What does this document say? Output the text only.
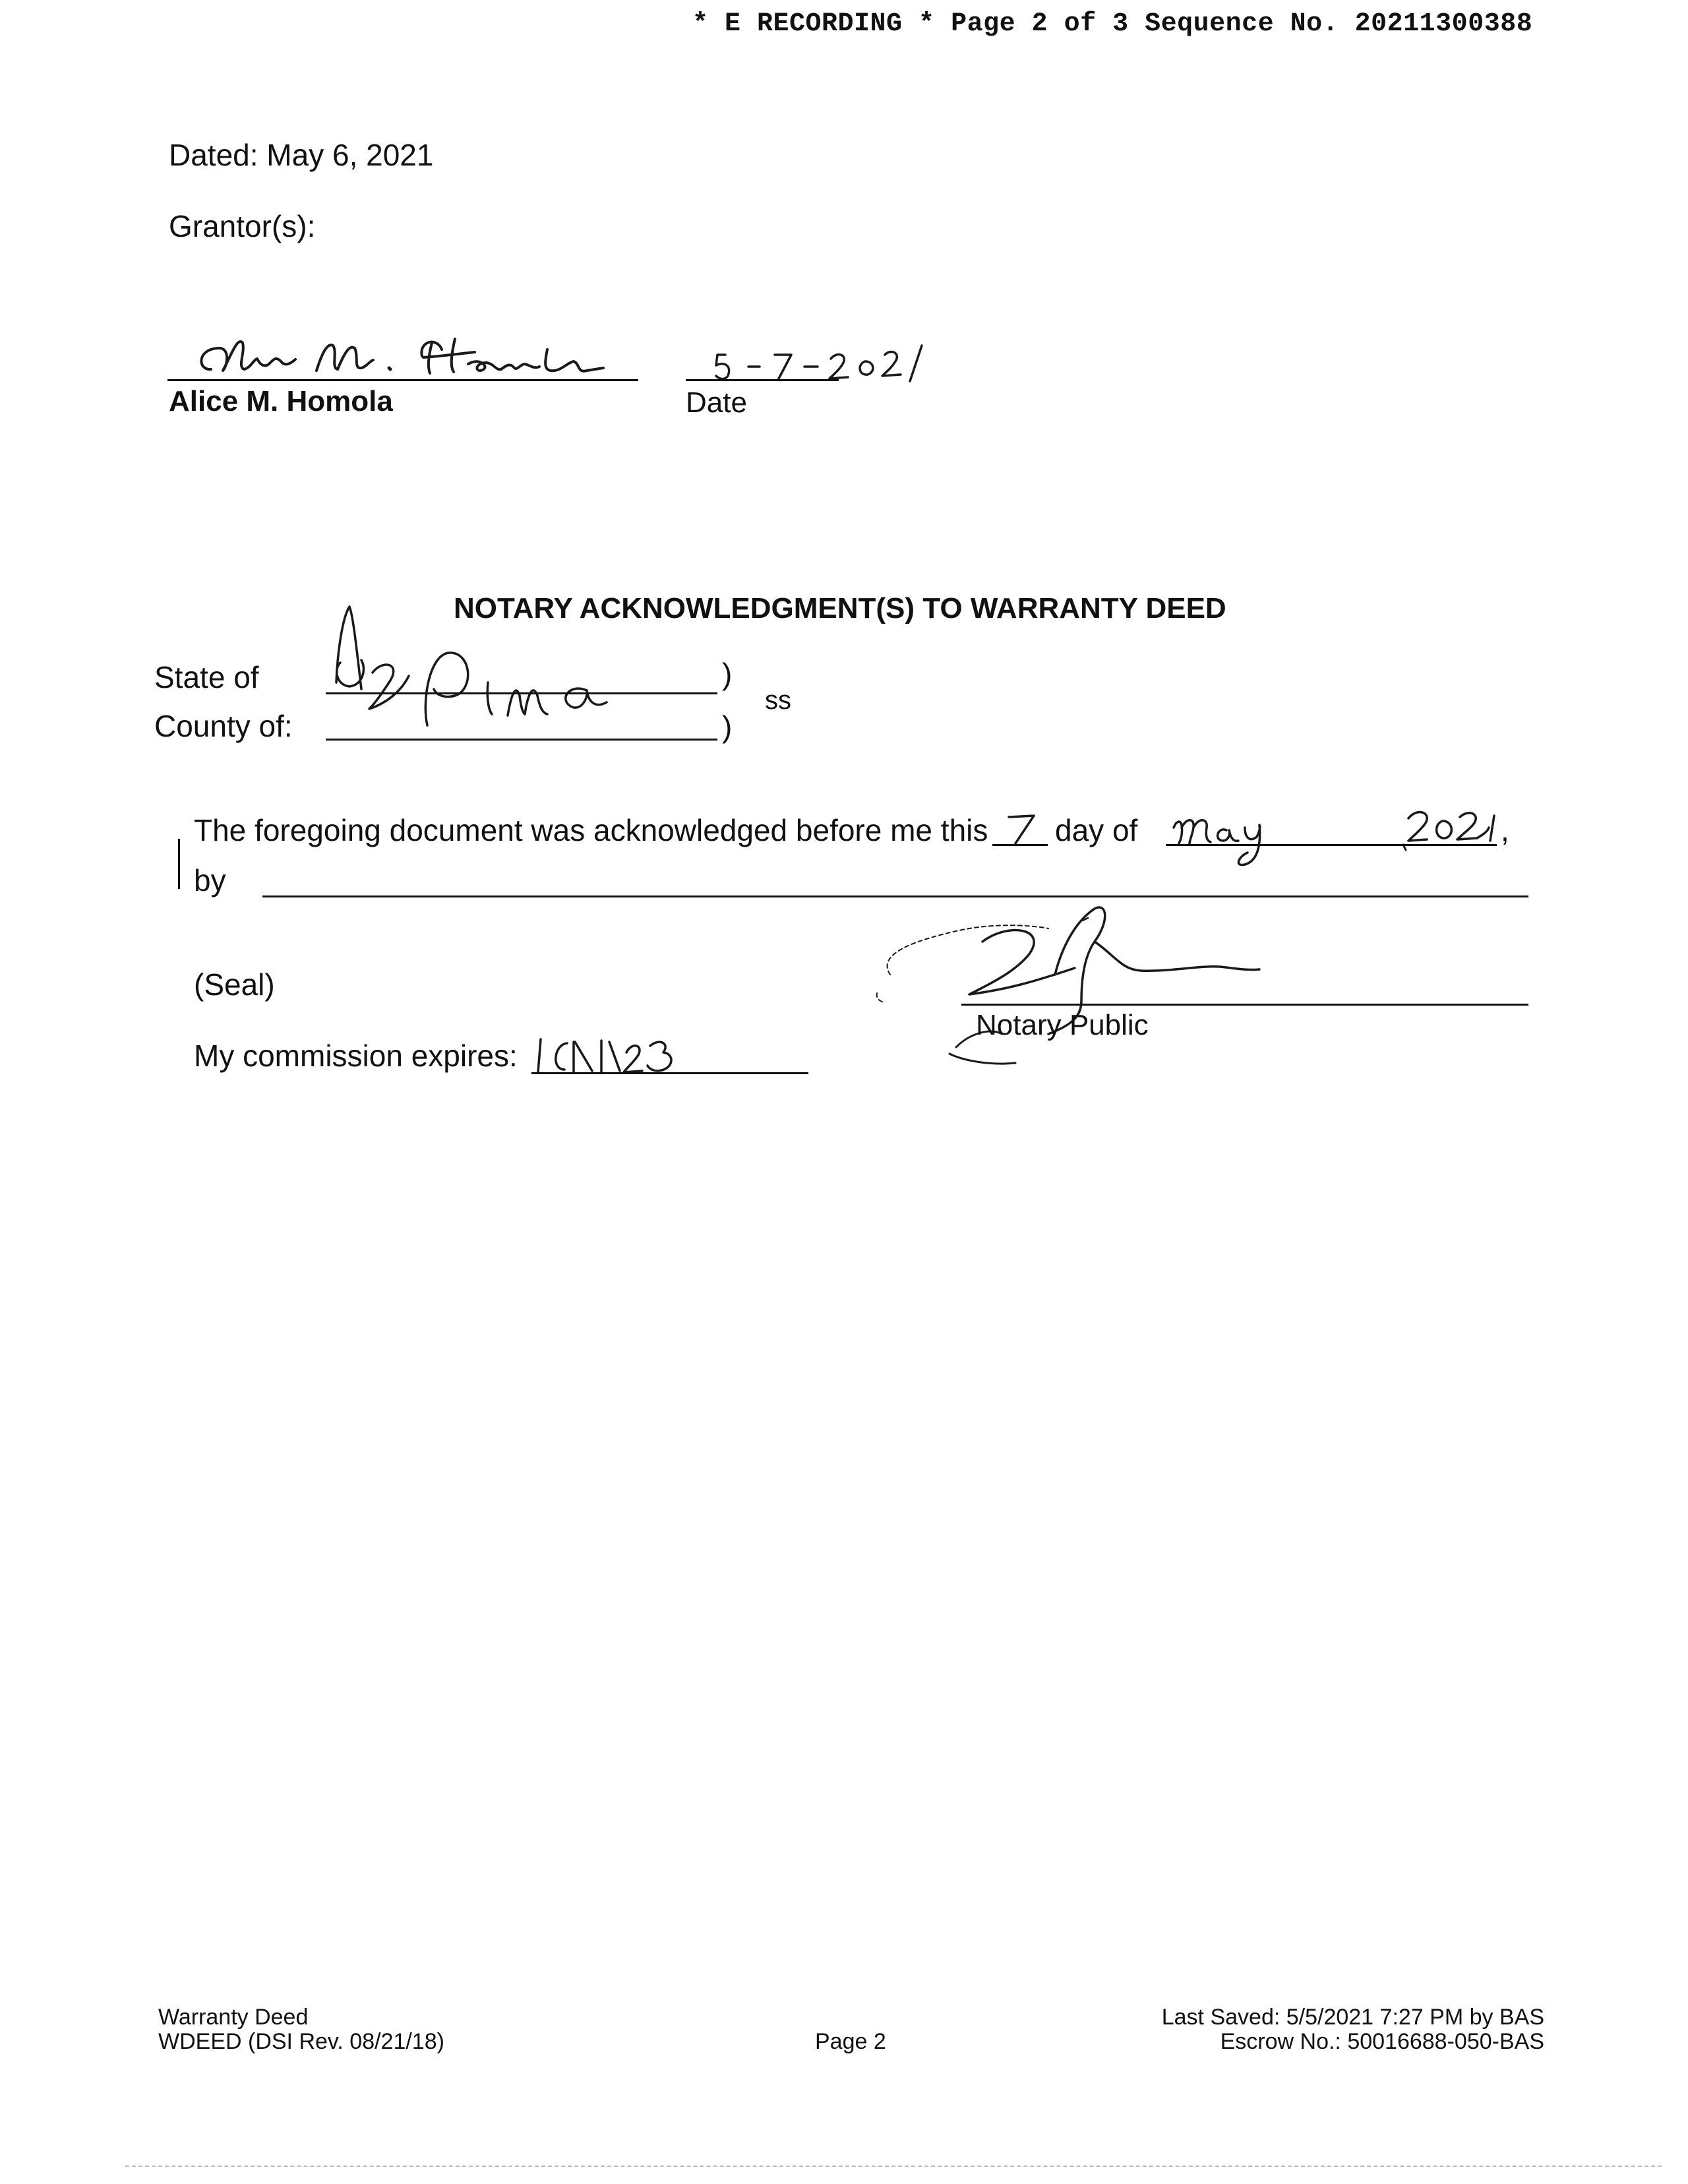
* E RECORDING * Page 2 of 3 Sequence No. 20211300388
Dated: May 6, 2021
Grantor(s):
Alice M. Homola	Date
NOTARY ACKNOWLEDGMENT(S) TO WARRANTY DEED
State of
County of:
)
)
ss
The foregoing document was acknowledged before me this day of	,
by
(Seal)
My commission expires:
Notary Public
Warranty Deed
WDEED (DSI Rev. 08/21/18)	Page 2
Last Saved: 5/5/2021 7:27 PM by BAS
Escrow No.: 50016688-050-BAS
